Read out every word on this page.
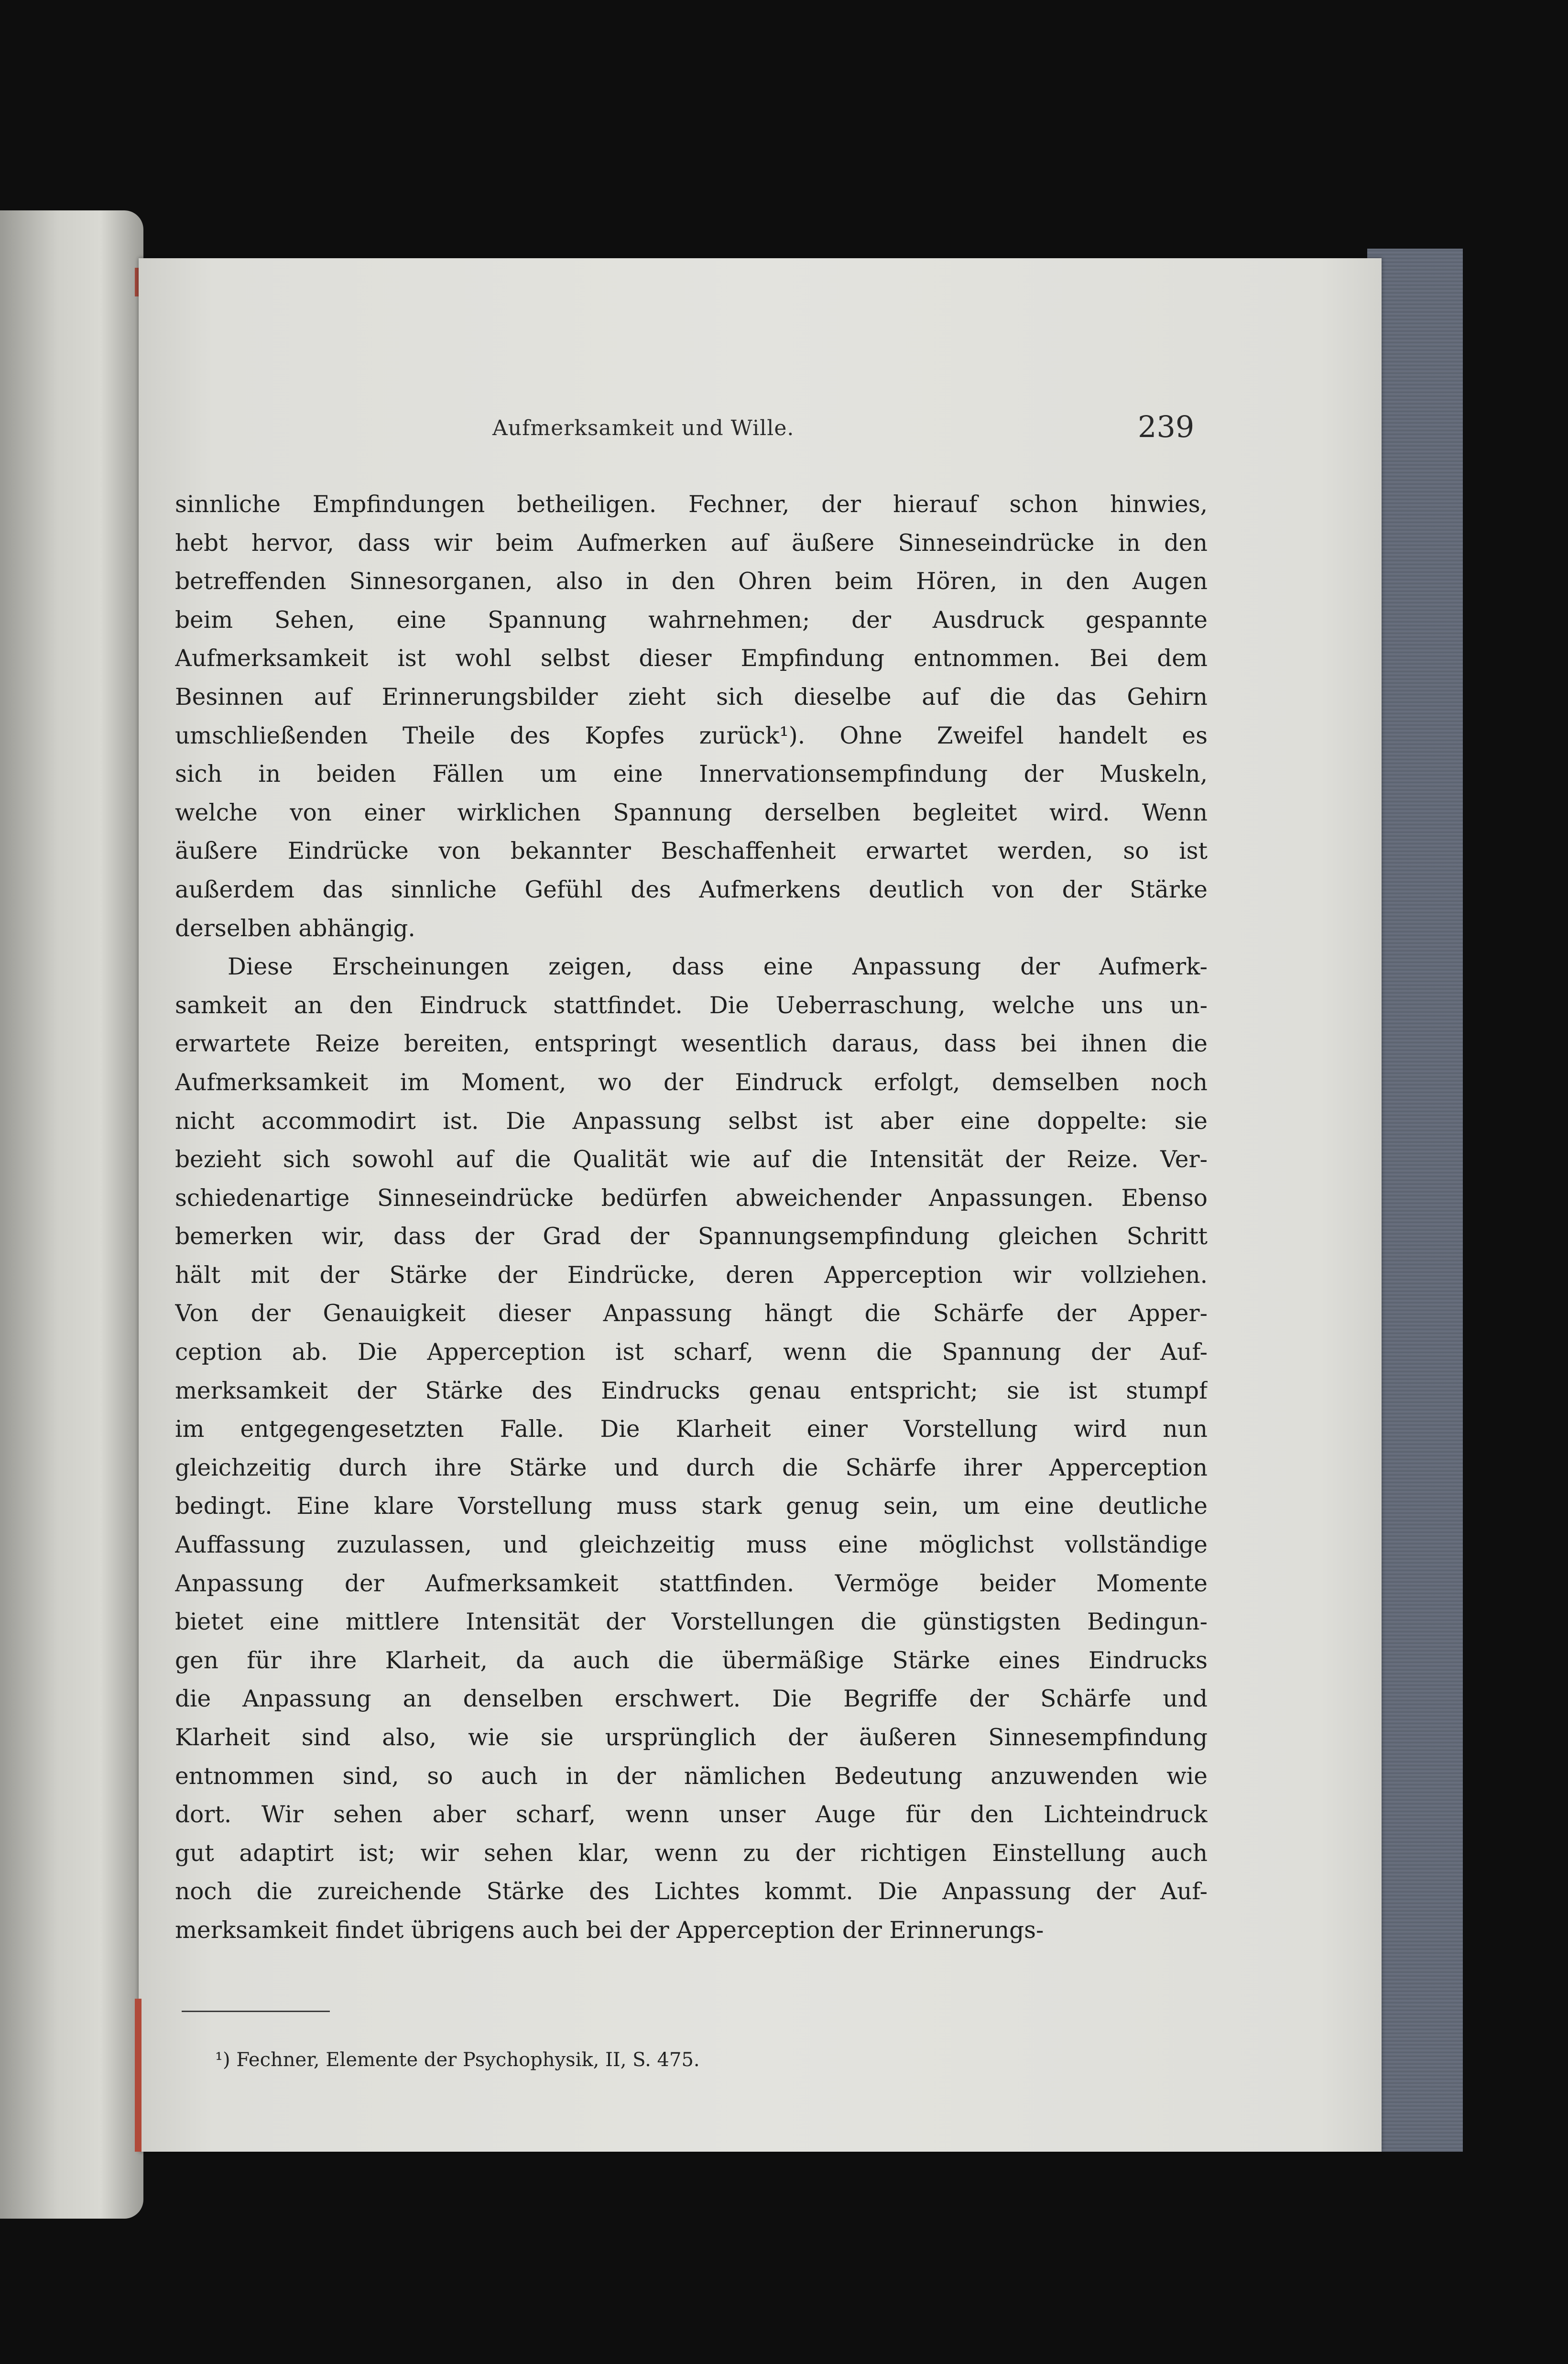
Aufmerksamkeit und Wille.	239
sinnliche Empfindungen betheiligen. Fechner, der hierauf schon hinwies,
hebt hervor, dass wir beim Aufmerken auf äußere Sinneseindrücke in den
betreffenden Sinnesorganen, also in den Ohren beim Hören, in den Augen
beim Sehen, eine Spannung wahrnehmen; der Ausdruck gespannte
Aufmerksamkeit ist wohl selbst dieser Empfindung entnommen. Bei dem
Besinnen auf Erinnerungsbilder zieht sich dieselbe auf die das Gehirn
umschließenden Theile des Kopfes zurück¹). Ohne Zweifel handelt es
sich in beiden Fällen um eine Innervationsempfindung der Muskeln,
welche von einer wirklichen Spannung derselben begleitet wird. Wenn
äußere Eindrücke von bekannter Beschaffenheit erwartet werden, so ist
außerdem das sinnliche Gefühl des Aufmerkens deutlich von der Stärke
derselben abhängig.
Diese Erscheinungen zeigen, dass eine Anpassung der Aufmerk-
samkeit an den Eindruck stattfindet. Die Ueberraschung, welche uns un-
erwartete Reize bereiten, entspringt wesentlich daraus, dass bei ihnen die
Aufmerksamkeit im Moment, wo der Eindruck erfolgt, demselben noch
nicht accommodirt ist. Die Anpassung selbst ist aber eine doppelte: sie
bezieht sich sowohl auf die Qualität wie auf die Intensität der Reize. Ver-
schiedenartige Sinneseindrücke bedürfen abweichender Anpassungen. Ebenso
bemerken wir, dass der Grad der Spannungsempfindung gleichen Schritt
hält mit der Stärke der Eindrücke, deren Apperception wir vollziehen.
Von der Genauigkeit dieser Anpassung hängt die Schärfe der Apper-
ception ab. Die Apperception ist scharf, wenn die Spannung der Auf-
merksamkeit der Stärke des Eindrucks genau entspricht; sie ist stumpf
im entgegengesetzten Falle. Die Klarheit einer Vorstellung wird nun
gleichzeitig durch ihre Stärke und durch die Schärfe ihrer Apperception
bedingt. Eine klare Vorstellung muss stark genug sein, um eine deutliche
Auffassung zuzulassen, und gleichzeitig muss eine möglichst vollständige
Anpassung der Aufmerksamkeit stattfinden. Vermöge beider Momente
bietet eine mittlere Intensität der Vorstellungen die günstigsten Bedingun-
gen für ihre Klarheit, da auch die übermäßige Stärke eines Eindrucks
die Anpassung an denselben erschwert. Die Begriffe der Schärfe und
Klarheit sind also, wie sie ursprünglich der äußeren Sinnesempfindung
entnommen sind, so auch in der nämlichen Bedeutung anzuwenden wie
dort. Wir sehen aber scharf, wenn unser Auge für den Lichteindruck
gut adaptirt ist; wir sehen klar, wenn zu der richtigen Einstellung auch
noch die zureichende Stärke des Lichtes kommt. Die Anpassung der Auf-
merksamkeit findet übrigens auch bei der Apperception der Erinnerungs-
¹) Fechner, Elemente der Psychophysik, II, S. 475.
